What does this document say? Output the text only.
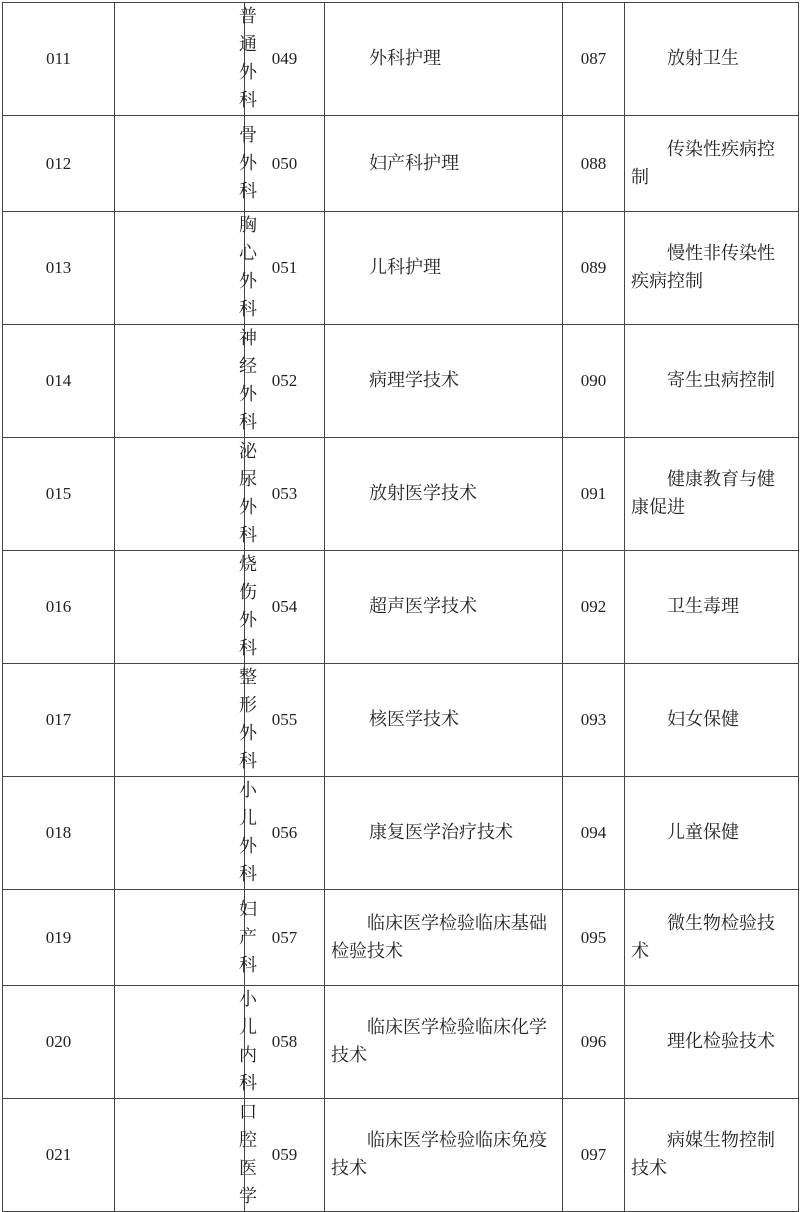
011	普通外科	049	外科护理	087	放射卫生
012	骨外科	050	妇产科护理	088	传染性疾病控制
013	胸心外科	051	儿科护理	089	慢性非传染性疾病控制
014	神经外科	052	病理学技术	090	寄生虫病控制
015	泌尿外科	053	放射医学技术	091	健康教育与健康促进
016	烧伤外科	054	超声医学技术	092	卫生毒理
017	整形外科	055	核医学技术	093	妇女保健
018	小儿外科	056	康复医学治疗技术	094	儿童保健
019	妇产科	057	临床医学检验临床基础检验技术	095	微生物检验技术
020	小儿内科	058	临床医学检验临床化学技术	096	理化检验技术
021	口腔医学	059	临床医学检验临床免疫技术	097	病媒生物控制技术
